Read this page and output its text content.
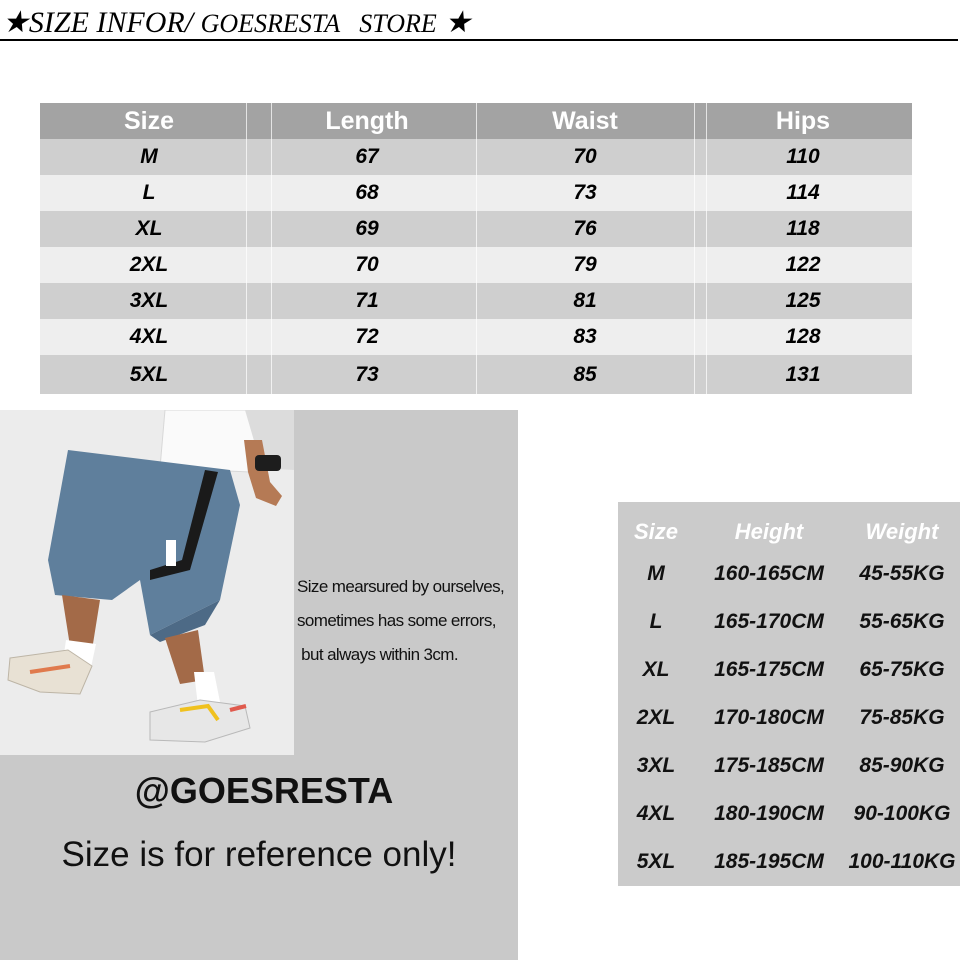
★SIZE INFOR/ GOESRESTA   STORE ★
Size	Length	Waist	Hips
M	67	70	110
L	68	73	114
XL	69	76	118
2XL	70	79	122
3XL	71	81	125
4XL	72	83	128
5XL	73	85	131
Size mearsured by ourselves,
sometimes has some errors,
but always within 3cm.
@GOESRESTA
Size is for reference only!
Size	Height	Weight
M	160-165CM	45-55KG
L	165-170CM	55-65KG
XL	165-175CM	65-75KG
2XL	170-180CM	75-85KG
3XL	175-185CM	85-90KG
4XL	180-190CM	90-100KG
5XL	185-195CM	100-110KG
